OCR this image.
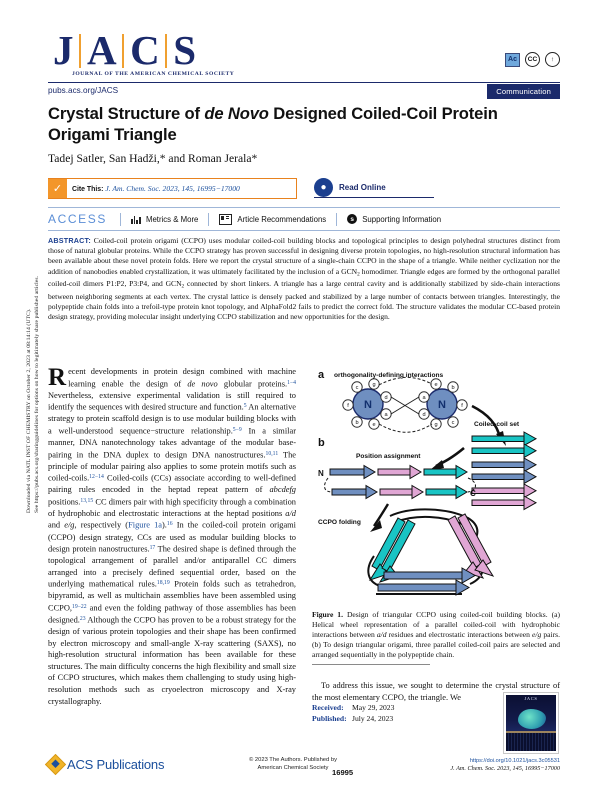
Downloaded via NATL INST OF CHEMISTRY on October 2, 2023 at 08:14:14 (UTC). See https://pubs.acs.org/sharingguidelines for options on how to legitimately share published articles.
J A C S
JOURNAL OF THE AMERICAN CHEMICAL SOCIETY
Ac	CC	↑
pubs.acs.org/JACS	Communication
Crystal Structure of de Novo Designed Coiled-Coil Protein Origami Triangle
Tadej Satler, San Hadži,* and Roman Jerala*
✓	Cite This: J. Am. Chem. Soc. 2023, 145, 16995−17000	●	Read Online
ACCESS	Metrics & More	Article Recommendations	s	Supporting Information
ABSTRACT: Coiled-coil protein origami (CCPO) uses modular coiled-coil building blocks and topological principles to design polyhedral structures distinct from those of natural globular proteins. While the CCPO strategy has proven successful in designing diverse protein topologies, no high-resolution structural information has been available about these novel protein folds. Here we report the crystal structure of a single-chain CCPO in the shape of a triangle. While neither cyclization nor the addition of nanobodies enabled crystallization, it was ultimately facilitated by the inclusion of a $GCN_2$ homodimer. Triangle edges are formed by the orthogonal parallel coiled-coil dimers P1:P2, P3:P4, and $GCN_2$ connected by short linkers. A triangle has a large central cavity and is additionally stabilized by side-chain interactions between neighboring segments at each vertex. The crystal lattice is densely packed and stabilized by a large number of contacts between triangles. Interestingly, the polypeptide chain folds into a trefoil-type protein knot topology, and AlphaFold2 fails to predict the correct fold. The structure validates the modular CC-based protein design strategy, providing molecular insight underlying CCPO stabilization and new opportunities for the design.

Recent developments in protein design combined with machine learning enable the design of de novo globular proteins.$^{1-4}$ Nevertheless, extensive experimental validation is still required to identify the sequences with desired structure and function.$^5$ An alternative strategy to protein scaffold design is to use modular building blocks with a well-understood sequence−structure relationship.$^{5-9}$ In a similar manner, DNA nanotechnology takes advantage of the modular base-pairing in the DNA duplex to design DNA nanostructures.$^{10,11}$ The principle of modular pairing also applies to some protein motifs such as coiled-coils.$^{12-14}$ Coiled-coils (CCs) associate according to well-defined pairing rules encoded in the heptad repeat pattern of abcdefg positions.$^{13,15}$ CC dimers pair with high specificity through a combination of hydrophobic and electrostatic interactions at the heptad positions a/d and e/g, respectively (Figure 1a).$^{16}$ In the coiled-coil protein origami (CCPO) design strategy, CCs are used as modular building blocks to design protein nanostructures.$^{17}$ The desired shape is defined through the topological arrangement of parallel and/or antiparallel CC dimers arranged into a precisely defined sequential order, based on the underlying mathematical rules.$^{18,19}$ Protein folds such as tetrahedron, bipyramid, as well as multichain assemblies have been assembled using CCPO,$^{19-22}$ and even the folding pathway of those assemblies has been designed.$^{23}$ Although the CCPO has proven to be a robust strategy for the design of various protein topologies and their shape has been confirmed by electron microscopy and small-angle X-ray scattering (SAXS), no high-resolution structural information has been available for these structures. The main difficulty concerns the high flexibility and small size of CCPO structures, which makes them challenging to study using high-resolution methods such as cryoelectron microscopy and X-ray crystallography.

a orthogonality-defining interactions
N
c	g
d
a
e
b
f	N
e b
f
c
g
d
a
Coiled-coil set
b
Position assignment
N
C
CCPO folding
Figure 1. Design of triangular CCPO using coiled-coil building blocks. (a) Helical wheel representation of a parallel coiled-coil with hydrophobic interactions between a/d residues and electrostatic interactions between e/g pairs. (b) To design triangular origami, three parallel coiled-coil pairs are selected and arranged sequentially in the polypeptide chain.

To address this issue, we sought to determine the crystal structure of the most elementary CCPO, the triangle. We

Received: May 29, 2023
Published: July 24, 2023
JACS
ACS Publications	© 2023 The Authors. Published by
American Chemical Society
16995
https://doi.org/10.1021/jacs.3c05531
J. Am. Chem. Soc. 2023, 145, 16995−17000
